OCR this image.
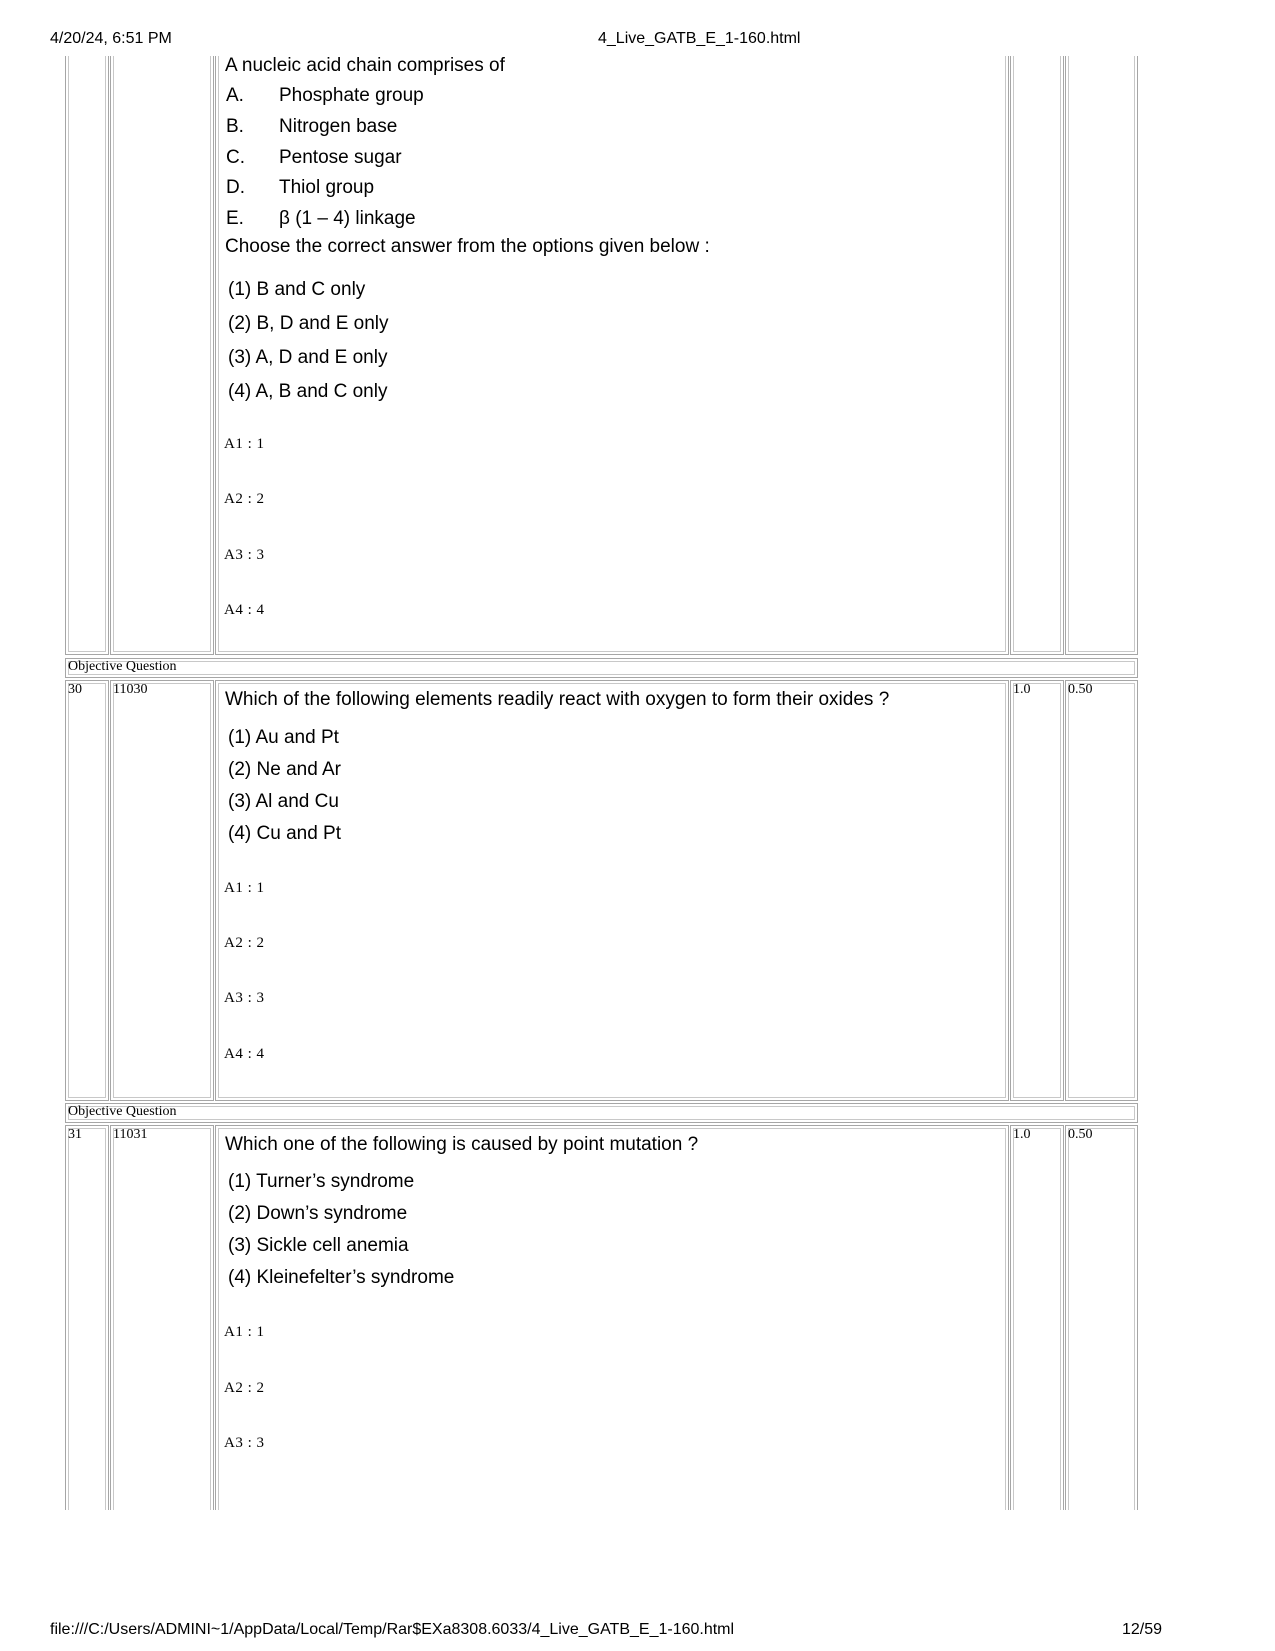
4/20/24, 6:51 PM	4_Live_GATB_E_1-160.html
A nucleic acid chain comprises of
A. Phosphate group
B. Nitrogen base
C. Pentose sugar
D. Thiol group
E. β (1 – 4) linkage
Choose the correct answer from the options given below :
(1) B and C only
(2) B, D and E only
(3) A, D and E only
(4) A, B and C only
A1 : 1
A2 : 2
A3 : 3
A4 : 4
Objective Question
30 11030	1.0	0.50
Which of the following elements readily react with oxygen to form their oxides ?
(1) Au and Pt
(2) Ne and Ar
(3) Al and Cu
(4) Cu and Pt
A1 : 1
A2 : 2
A3 : 3
A4 : 4
Objective Question
31 11031	1.0	0.50
Which one of the following is caused by point mutation ?
(1) Turner’s syndrome
(2) Down’s syndrome
(3) Sickle cell anemia
(4) Kleinefelter’s syndrome
A1 : 1
A2 : 2
A3 : 3
file:///C:/Users/ADMINI~1/AppData/Local/Temp/Rar$EXa8308.6033/4_Live_GATB_E_1-160.html	12/59
